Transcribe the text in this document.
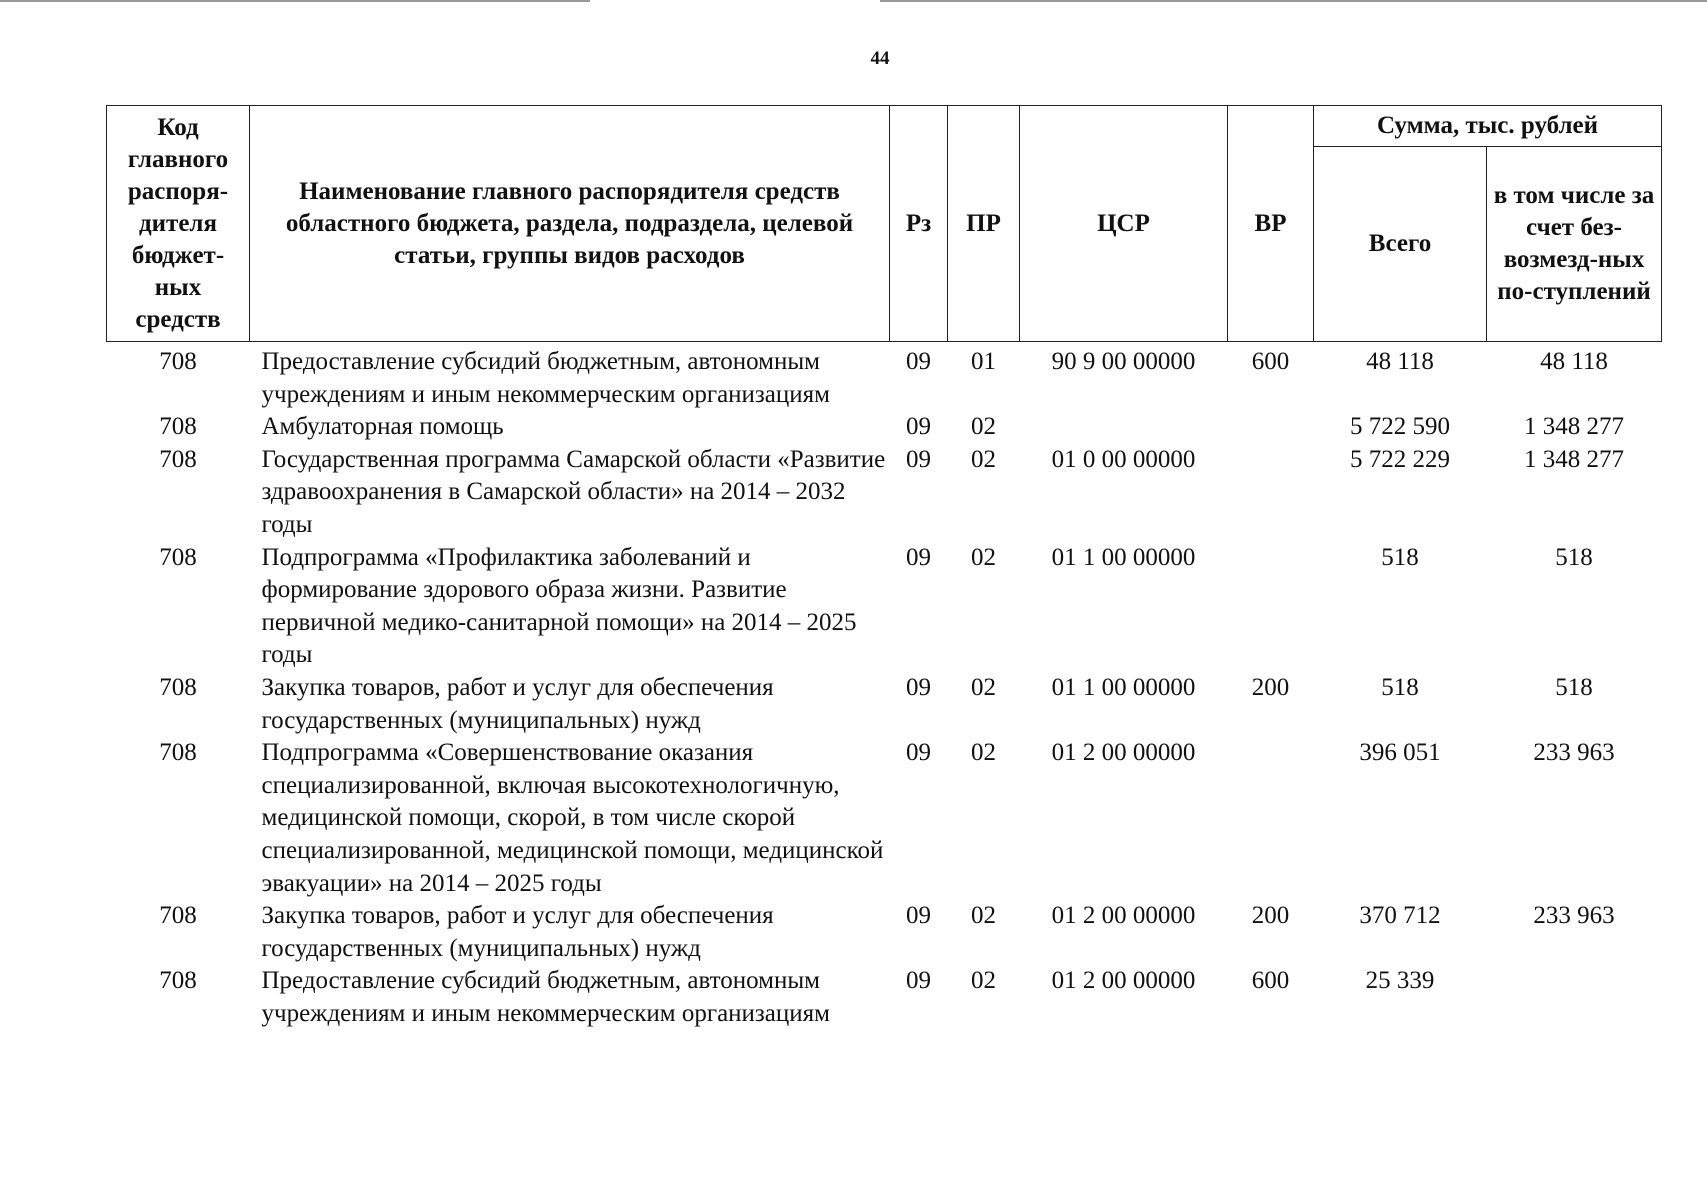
44
Код главного распоря-дителя бюджет-ных средств	Наименование главного распорядителя средств областного бюджета, раздела, подраздела, целевой статьи, группы видов расходов	Рз	ПР	ЦСР	ВР	Сумма, тыс. рублей	
						Всего	в том числе за счет без-возмезд-ных по-ступлений
708	Предоставление субсидий бюджетным, автономным учреждениям и иным некоммерческим организациям	09	01	90 9 00 00000	600	48 118	48 118
708	Амбулаторная помощь	09	02			5 722 590	1 348 277
708	Государственная программа Самарской области «Развитие здравоохранения в Самарской области» на 2014 – 2032 годы	09	02	01 0 00 00000		5 722 229	1 348 277
708	Подпрограмма «Профилактика заболеваний и формирование здорового образа жизни. Развитие первичной медико-санитарной помощи» на 2014 – 2025 годы	09	02	01 1 00 00000		518	518
708	Закупка товаров, работ и услуг для обеспечения государственных (муниципальных) нужд	09	02	01 1 00 00000	200	518	518
708	Подпрограмма «Совершенствование оказания специализированной, включая высокотехнологичную, медицинской помощи, скорой, в том числе скорой специализированной, медицинской помощи, медицинской эвакуации» на 2014 – 2025 годы	09	02	01 2 00 00000		396 051	233 963
708	Закупка товаров, работ и услуг для обеспечения государственных (муниципальных) нужд	09	02	01 2 00 00000	200	370 712	233 963
708	Предоставление субсидий бюджетным, автономным учреждениям и иным некоммерческим организациям	09	02	01 2 00 00000	600	25 339	
